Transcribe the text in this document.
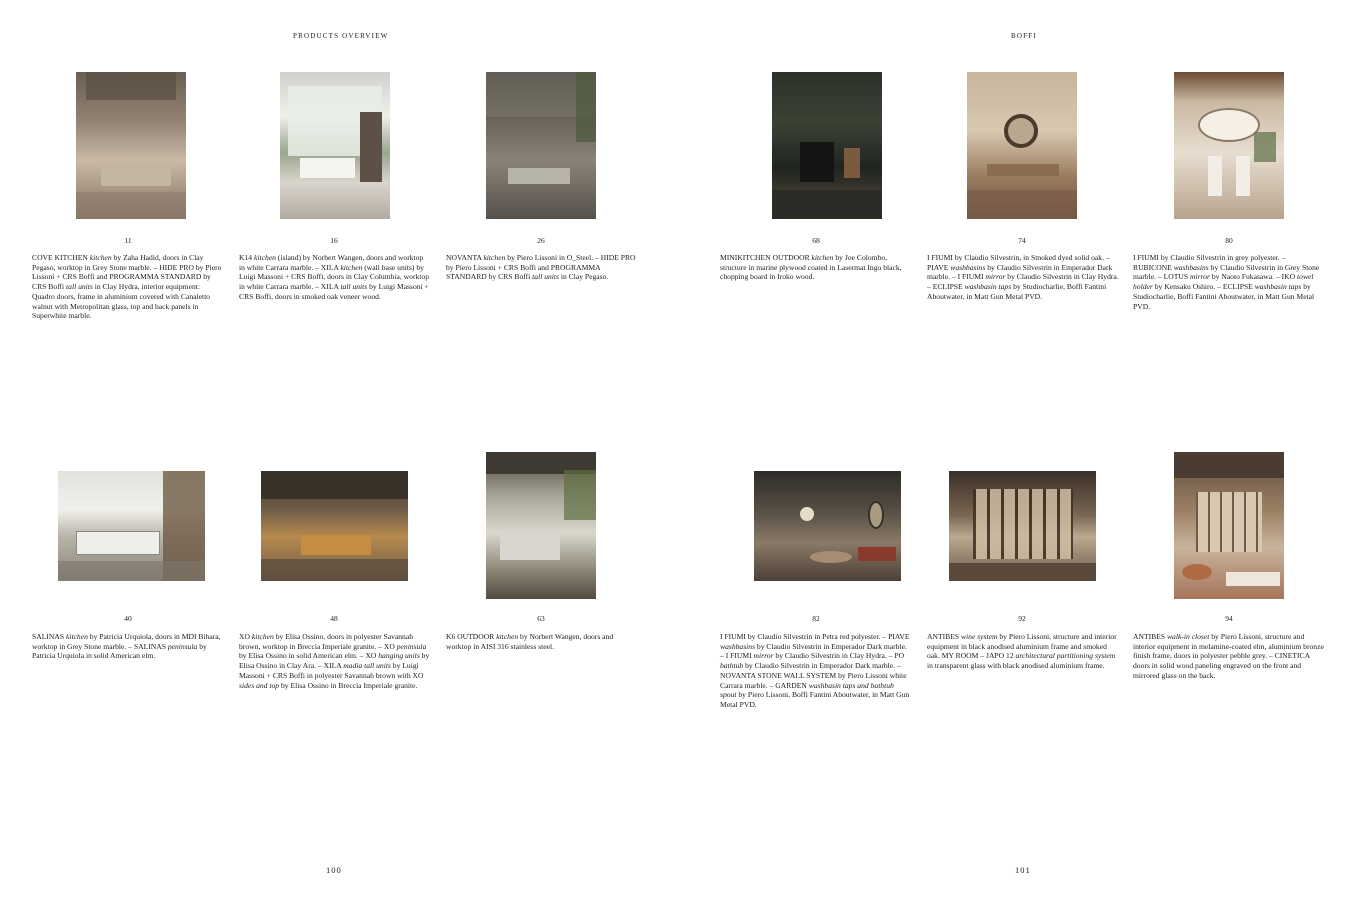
PRODUCTS OVERVIEW
11
COVE KITCHEN kitchen by Zaha Hadid, doors in Clay Pegaso, worktop in Grey Stone marble. – HIDE PRO by Piero Lissoni + CRS Boffi and PROGRAMMA STANDARD by CRS Boffi tall units in Clay Hydra, interior equipment: Quadro doors, frame in aluminium covered with Canaletto walnut with Metropolitan glass, top and back panels in Superwhite marble.
16
K14 kitchen (island) by Norbert Wangen, doors and worktop in white Carrara marble. – XILA kitchen (wall base units) by Luigi Massoni + CRS Boffi, doors in Clay Columbia, worktop in white Carrara marble. – XILA tall units by Luigi Massoni + CRS Boffi, doors in smoked oak veneer wood.
26
NOVANTA kitchen by Piero Lissoni in O_Steel. – HIDE PRO by Piero Lissoni + CRS Boffi and PROGRAMMA STANDARD by CRS Boffi tall units in Clay Pegaso.
40
SALINAS kitchen by Patricia Urquiola, doors in MDI Bihara, worktop in Grey Stone marble. – SALINAS peninsula by Patricia Urquiola in solid American elm.
48
XO kitchen by Elisa Ossino, doors in polyester Savannah brown, worktop in Breccia Imperiale granite. – XO peninsula by Elisa Ossino in solid American elm. – XO hanging units by Elisa Ossino in Clay Ara. – XILA madia tall units by Luigi Massoni + CRS Boffi in polyester Savannah brown with XO sides and top by Elisa Ossino in Breccia Imperiale granite.
63
K6 OUTDOOR kitchen by Norbert Wangen, doors and worktop in AISI 316 stainless steel.
100
BOFFI
68
MINIKITCHEN OUTDOOR kitchen by Joe Colombo, structure in marine plywood coated in Lasermat Ingo black, chopping board in Iroko wood.
74
I FIUMI by Claudio Silvestrin, in Smoked dyed solid oak. – PIAVE washbasins by Claudio Silvestrin in Emperador Dark marble. – I FIUMI mirror by Claudio Silvestrin in Clay Hydra. – ECLIPSE washbasin taps by Studiocharlie, Boffi Fantini Aboutwater, in Matt Gun Metal PVD.
80
I FIUMI by Claudio Silvestrin in grey polyester. – RUBICONE washbasins by Claudio Silvestrin in Grey Stone marble. – LOTUS mirror by Naoto Fukasawa. – IKO towel holder by Kensaku Oshiro. – ECLIPSE washbasin taps by Studiocharlie, Boffi Fantini Aboutwater, in Matt Gun Metal PVD.
82
I FIUMI by Claudio Silvestrin in Petra red polyester. – PIAVE washbasins by Claudio Silvestrin in Emperador Dark marble. – I FIUMI mirror by Claudio Silvestrin in Clay Hydra. – PO bathtub by Claudio Silvestrin in Emperador Dark marble. – NOVANTA STONE WALL SYSTEM by Piero Lissoni white Carrara marble. – GARDEN washbasin taps and bathtub spout by Piero Lissoni, Boffi Fantini Aboutwater, in Matt Gun Metal PVD.
92
ANTIBES wine system by Piero Lissoni, structure and interior equipment in black anodised aluminium frame and smoked oak. MY ROOM – JAPO 12 architectural partitioning system in transparent glass with black anodised aluminium frame.
94
ANTIBES walk-in closet by Piero Lissoni, structure and interior equipment in melamine-coated elm, aluminium bronze finish frame, doors in polyester pebble grey. – CINETICA doors in solid wood paneling engraved on the front and mirrored glass on the back.
101
